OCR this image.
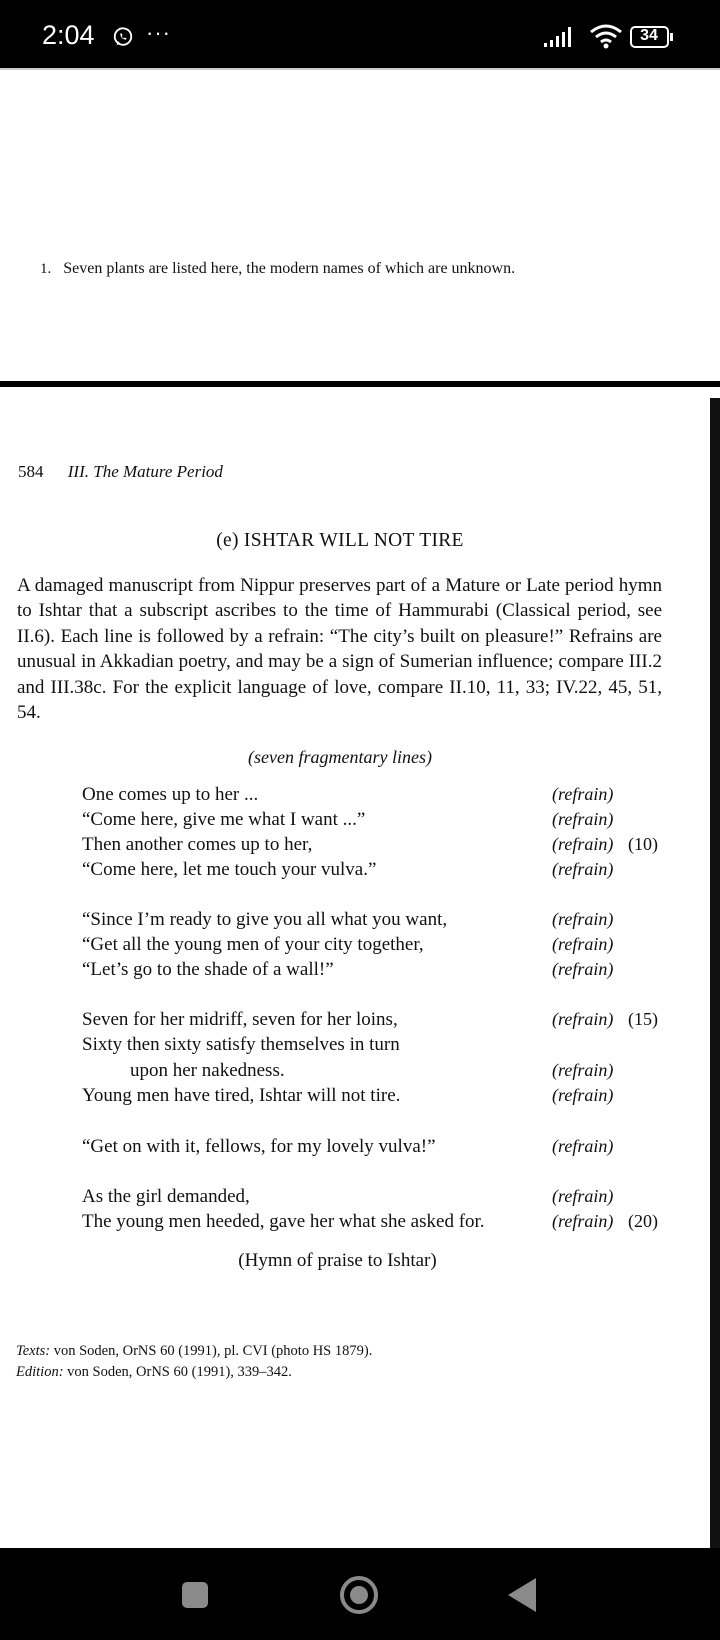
2:04 ···	34
1. Seven plants are listed here, the modern names of which are unknown.
584 III. The Mature Period
(e) ISHTAR WILL NOT TIRE
A damaged manuscript from Nippur preserves part of a Mature or Late period hymn to Ishtar that a subscript ascribes to the time of Hammurabi (Classical period, see II.6). Each line is followed by a refrain: “The city’s built on pleasure!” Refrains are unusual in Akkadian poetry, and may be a sign of Sumerian influence; compare III.2 and III.38c. For the explicit language of love, compare II.10, 11, 33; IV.22, 45, 51, 54.
(seven fragmentary lines)
One comes up to her ...	(refrain)
“Come here, give me what I want ...”	(refrain)
Then another comes up to her,	(refrain) (10)
“Come here, let me touch your vulva.”	(refrain)
“Since I’m ready to give you all what you want,	(refrain)
“Get all the young men of your city together,	(refrain)
“Let’s go to the shade of a wall!”	(refrain)
Seven for her midriff, seven for her loins,	(refrain) (15)
Sixty then sixty satisfy themselves in turn
upon her nakedness.	(refrain)
Young men have tired, Ishtar will not tire.	(refrain)
“Get on with it, fellows, for my lovely vulva!”	(refrain)
As the girl demanded,	(refrain)
The young men heeded, gave her what she asked for.	(refrain) (20)
(Hymn of praise to Ishtar)
Texts: von Soden, OrNS 60 (1991), pl. CVI (photo HS 1879).
Edition: von Soden, OrNS 60 (1991), 339–342.
